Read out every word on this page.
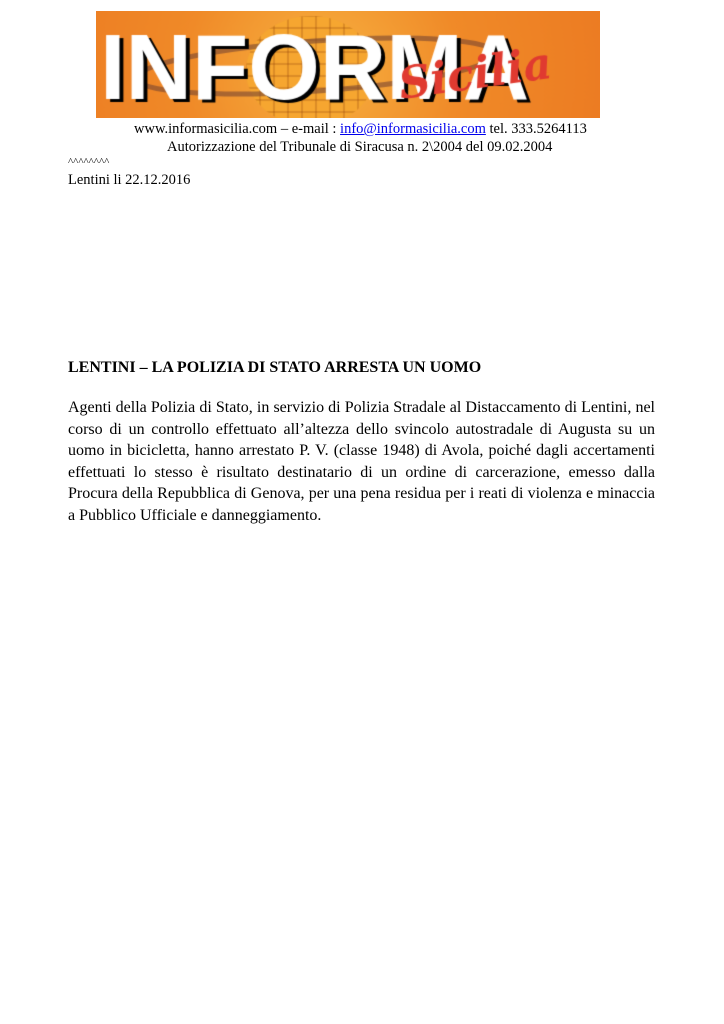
www.informasicilia.com – e-mail : info@informasicilia.com tel. 333.5264113
Autorizzazione del Tribunale di Siracusa n. 2\2004 del 09.02.2004
^^^^^^^^
Lentini li 22.12.2016
LENTINI – LA POLIZIA DI STATO ARRESTA UN UOMO
Agenti della Polizia di Stato, in servizio di Polizia Stradale al Distaccamento di Lentini, nel corso di un controllo effettuato all’altezza dello svincolo autostradale di Augusta su un uomo in bicicletta, hanno arrestato P. V. (classe 1948) di Avola, poiché dagli accertamenti effettuati lo stesso è risultato destinatario di un ordine di carcerazione, emesso dalla Procura della Repubblica di Genova, per una pena residua per i reati di violenza e minaccia a Pubblico Ufficiale e danneggiamento.
